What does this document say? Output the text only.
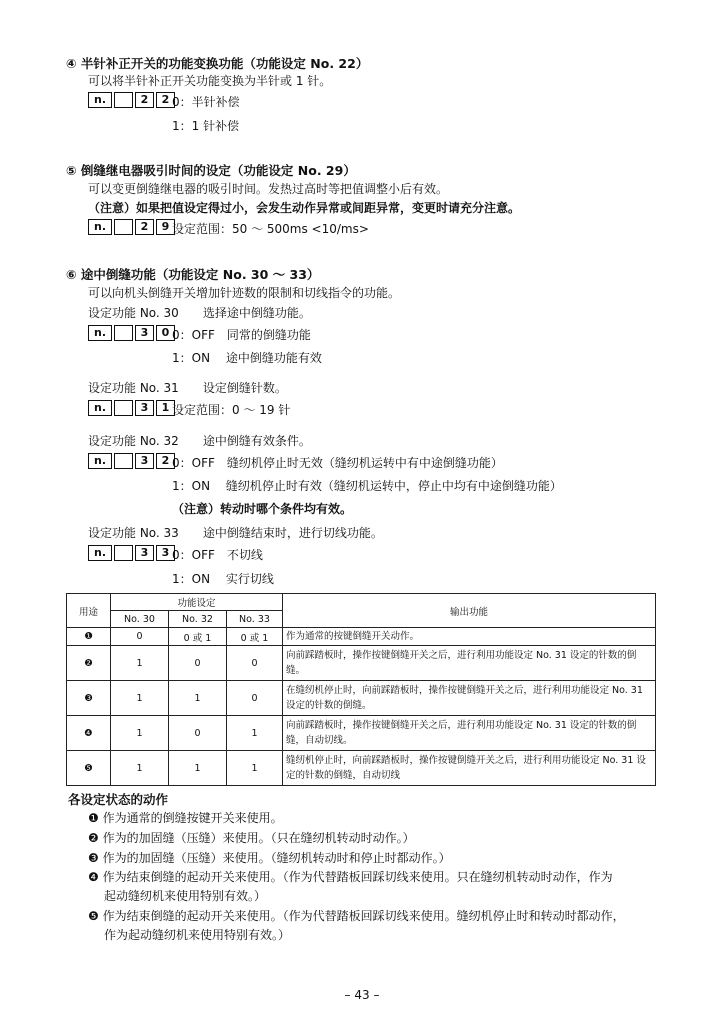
④ 半针补正开关的功能变换功能（功能设定 No. 22）
可以将半针补正开关功能变换为半针或 1 针。
n.	2	2 0：半针补偿
1：1 针补偿
⑤ 倒缝继电器吸引时间的设定（功能设定 No. 29）
可以变更倒缝继电器的吸引时间。发热过高时等把值调整小后有效。
（注意）如果把值设定得过小，会发生动作异常或间距异常，变更时请充分注意。
n.	2	9 设定范围：50 ～ 500ms <10/ms>
⑥ 途中倒缝功能（功能设定 No. 30 ～ 33）
可以向机头倒缝开关增加针迹数的限制和切线指令的功能。
设定功能 No. 30　　选择途中倒缝功能。
n.	3	0 0：OFF　同常的倒缝功能
1：ON　 途中倒缝功能有效
设定功能 No. 31　　设定倒缝针数。
n.	3	1 设定范围：0 ～ 19 针
设定功能 No. 32　　途中倒缝有效条件。
n.	3	2 0：OFF　缝纫机停止时无效（缝纫机运转中有中途倒缝功能）
1：ON　 缝纫机停止时有效（缝纫机运转中，停止中均有中途倒缝功能）
（注意）转动时哪个条件均有效。
设定功能 No. 33　　途中倒缝结束时，进行切线功能。
n.	3	3 0：OFF　不切线
1：ON　 实行切线
用途	功能设定			输出功能
	No. 30	No. 32	No. 33	
❶	0	0 或 1	0 或 1	作为通常的按键倒缝开关动作。
❷	1	0	0	向前踩踏板时，操作按键倒缝开关之后，进行利用功能设定 No. 31 设定的针数的倒缝。
❸	1	1	0	在缝纫机停止时，向前踩踏板时，操作按键倒缝开关之后，进行利用功能设定 No. 31 设定的针数的倒缝。
❹	1	0	1	向前踩踏板时，操作按键倒缝开关之后，进行利用功能设定 No. 31 设定的针数的倒缝，自动切线。
❺	1	1	1	缝纫机停止时，向前踩踏板时，操作按键倒缝开关之后，进行利用功能设定 No. 31 设定的针数的倒缝，自动切线
各设定状态的动作
❶ 作为通常的倒缝按键开关来使用。
❷ 作为的加固缝（压缝）来使用。（只在缝纫机转动时动作。）
❸ 作为的加固缝（压缝）来使用。（缝纫机转动时和停止时都动作。）
❹ 作为结束倒缝的起动开关来使用。（作为代替踏板回踩切线来使用。只在缝纫机转动时动作，作为
起动缝纫机来使用特别有效。）
❺ 作为结束倒缝的起动开关来使用。（作为代替踏板回踩切线来使用。缝纫机停止时和转动时都动作，
作为起动缝纫机来使用特别有效。）
– 43 –
